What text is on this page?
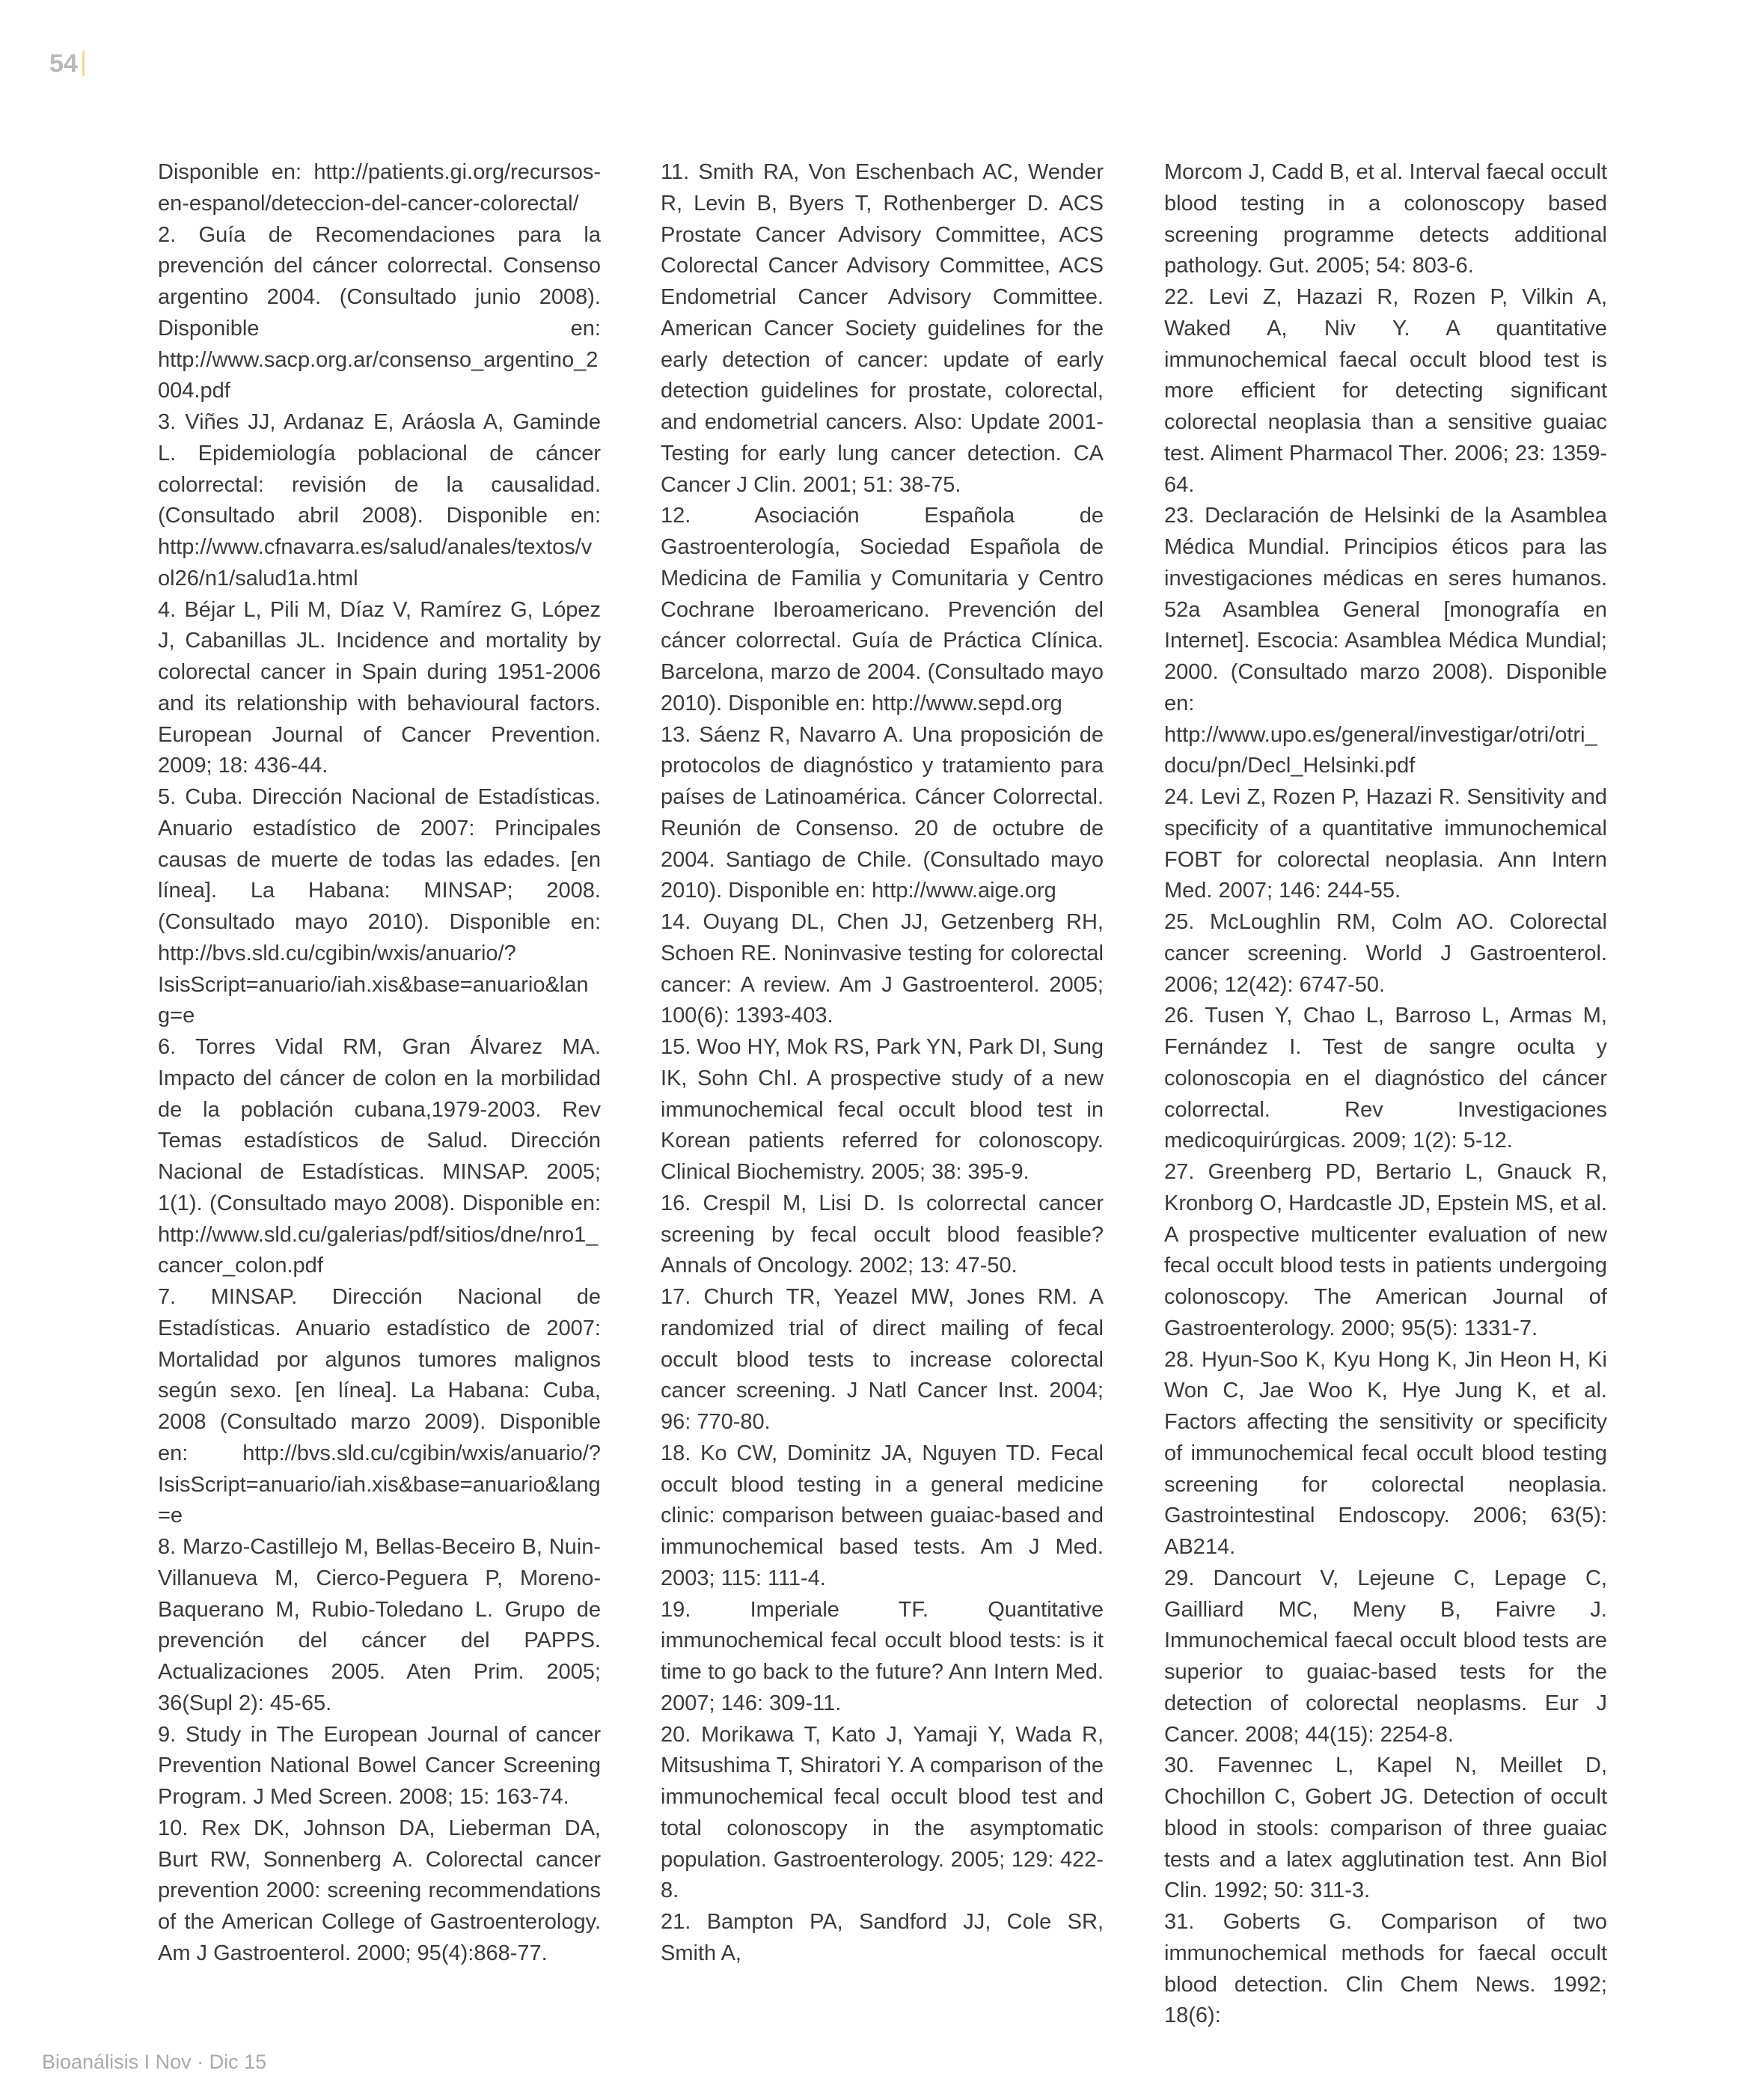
54

Disponible en: http://patients.gi.org/recursos-en-espanol/deteccion-del-cancer-colorectal/

2. Guía de Recomendaciones para la prevención del cáncer colorrectal. Consenso argentino 2004. (Consultado junio 2008). Disponible en: http://www.sacp.org.ar/consenso_argentino_2004.pdf

3. Viñes JJ, Ardanaz E, Aráosla A, Gaminde L. Epidemiología poblacional de cáncer colorrectal: revisión de la causalidad. (Consultado abril 2008). Disponible en: http://www.cfnavarra.es/salud/anales/textos/vol26/n1/salud1a.html

4. Béjar L, Pili M, Díaz V, Ramírez G, López J, Cabanillas JL. Incidence and mortality by colorectal cancer in Spain during 1951-2006 and its relationship with behavioural factors. European Journal of Cancer Prevention. 2009; 18: 436-44.

5. Cuba. Dirección Nacional de Estadísticas. Anuario estadístico de 2007: Principales causas de muerte de todas las edades. [en línea]. La Habana: MINSAP; 2008. (Consultado mayo 2010). Disponible en: http://bvs.sld.cu/cgibin/wxis/anuario/?IsisScript=anuario/iah.xis&base=anuario&lan g=e

6. Torres Vidal RM, Gran Álvarez MA. Impacto del cáncer de colon en la morbilidad de la población cubana,1979-2003. Rev Temas estadísticos de Salud. Dirección Nacional de Estadísticas. MINSAP. 2005; 1(1). (Consultado mayo 2008). Disponible en: http://www.sld.cu/galerias/pdf/sitios/dne/nro1_cancer_colon.pdf

7. MINSAP. Dirección Nacional de Estadísticas. Anuario estadístico de 2007: Mortalidad por algunos tumores malignos según sexo. [en línea]. La Habana: Cuba, 2008 (Consultado marzo 2009). Disponible en: http://bvs.sld.cu/cgibin/wxis/anuario/?IsisScript=anuario/iah.xis&base=anuario&lang=e

8. Marzo-Castillejo M, Bellas-Beceiro B, Nuin-Villanueva M, Cierco-Peguera P, Moreno-Baquerano M, Rubio-Toledano L. Grupo de prevención del cáncer del PAPPS. Actualizaciones 2005. Aten Prim. 2005; 36(Supl 2): 45-65.

9. Study in The European Journal of cancer Prevention National Bowel Cancer Screening Program. J Med Screen. 2008; 15: 163-74.

10. Rex DK, Johnson DA, Lieberman DA, Burt RW, Sonnenberg A. Colorectal cancer prevention 2000: screening recommendations of the American College of Gastroenterology. Am J Gastroenterol. 2000; 95(4):868-77.

11. Smith RA, Von Eschenbach AC, Wender R, Levin B, Byers T, Rothenberger D. ACS Prostate Cancer Advisory Committee, ACS Colorectal Cancer Advisory Committee, ACS Endometrial Cancer Advisory Committee. American Cancer Society guidelines for the early detection of cancer: update of early detection guidelines for prostate, colorectal, and endometrial cancers. Also: Update 2001-Testing for early lung cancer detection. CA Cancer J Clin. 2001; 51: 38-75.

12. Asociación Española de Gastroenterología, Sociedad Española de Medicina de Familia y Comunitaria y Centro Cochrane Iberoamericano. Prevención del cáncer colorrectal. Guía de Práctica Clínica. Barcelona, marzo de 2004. (Consultado mayo 2010). Disponible en: http://www.sepd.org

13. Sáenz R, Navarro A. Una proposición de protocolos de diagnóstico y tratamiento para países de Latinoamérica. Cáncer Colorrectal. Reunión de Consenso. 20 de octubre de 2004. Santiago de Chile. (Consultado mayo 2010). Disponible en: http://www.aige.org

14. Ouyang DL, Chen JJ, Getzenberg RH, Schoen RE. Noninvasive testing for colorectal cancer: A review. Am J Gastroenterol. 2005; 100(6): 1393-403.

15. Woo HY, Mok RS, Park YN, Park DI, Sung IK, Sohn ChI. A prospective study of a new immunochemical fecal occult blood test in Korean patients referred for colonoscopy. Clinical Biochemistry. 2005; 38: 395-9.

16. Crespil M, Lisi D. Is colorrectal cancer screening by fecal occult blood feasible? Annals of Oncology. 2002; 13: 47-50.

17. Church TR, Yeazel MW, Jones RM. A randomized trial of direct mailing of fecal occult blood tests to increase colorectal cancer screening. J Natl Cancer Inst. 2004; 96: 770-80.

18. Ko CW, Dominitz JA, Nguyen TD. Fecal occult blood testing in a general medicine clinic: comparison between guaiac-based and immunochemical based tests. Am J Med. 2003; 115: 111-4.

19. Imperiale TF. Quantitative immunochemical fecal occult blood tests: is it time to go back to the future? Ann Intern Med. 2007; 146: 309-11.

20. Morikawa T, Kato J, Yamaji Y, Wada R, Mitsushima T, Shiratori Y. A comparison of the immunochemical fecal occult blood test and total colonoscopy in the asymptomatic population. Gastroenterology. 2005; 129: 422-8.

21. Bampton PA, Sandford JJ, Cole SR, Smith A,

Morcom J, Cadd B, et al. Interval faecal occult blood testing in a colonoscopy based screening programme detects additional pathology. Gut. 2005; 54: 803-6.

22. Levi Z, Hazazi R, Rozen P, Vilkin A, Waked A, Niv Y. A quantitative immunochemical faecal occult blood test is more efficient for detecting significant colorectal neoplasia than a sensitive guaiac test. Aliment Pharmacol Ther. 2006; 23: 1359-64.

23. Declaración de Helsinki de la Asamblea Médica Mundial. Principios éticos para las investigaciones médicas en seres humanos. 52a Asamblea General [monografía en Internet]. Escocia: Asamblea Médica Mundial; 2000. (Consultado marzo 2008). Disponible en: http://www.upo.es/general/investigar/otri/otri_docu/pn/Decl_Helsinki.pdf

24. Levi Z, Rozen P, Hazazi R. Sensitivity and specificity of a quantitative immunochemical FOBT for colorectal neoplasia. Ann Intern Med. 2007; 146: 244-55.

25. McLoughlin RM, Colm AO. Colorectal cancer screening. World J Gastroenterol. 2006; 12(42): 6747-50.

26. Tusen Y, Chao L, Barroso L, Armas M, Fernández I. Test de sangre oculta y colonoscopia en el diagnóstico del cáncer colorrectal. Rev Investigaciones medicoquirúrgicas. 2009; 1(2): 5-12.

27. Greenberg PD, Bertario L, Gnauck R, Kronborg O, Hardcastle JD, Epstein MS, et al. A prospective multicenter evaluation of new fecal occult blood tests in patients undergoing colonoscopy. The American Journal of Gastroenterology. 2000; 95(5): 1331-7.

28. Hyun-Soo K, Kyu Hong K, Jin Heon H, Ki Won C, Jae Woo K, Hye Jung K, et al. Factors affecting the sensitivity or specificity of immunochemical fecal occult blood testing screening for colorectal neoplasia. Gastrointestinal Endoscopy. 2006; 63(5): AB214.

29. Dancourt V, Lejeune C, Lepage C, Gailliard MC, Meny B, Faivre J. Immunochemical faecal occult blood tests are superior to guaiac-based tests for the detection of colorectal neoplasms. Eur J Cancer. 2008; 44(15): 2254-8.

30. Favennec L, Kapel N, Meillet D, Chochillon C, Gobert JG. Detection of occult blood in stools: comparison of three guaiac tests and a latex agglutination test. Ann Biol Clin. 1992; 50: 311-3.

31. Goberts G. Comparison of two immunochemical methods for faecal occult blood detection. Clin Chem News. 1992; 18(6):

Bioanálisis I Nov · Dic 15
